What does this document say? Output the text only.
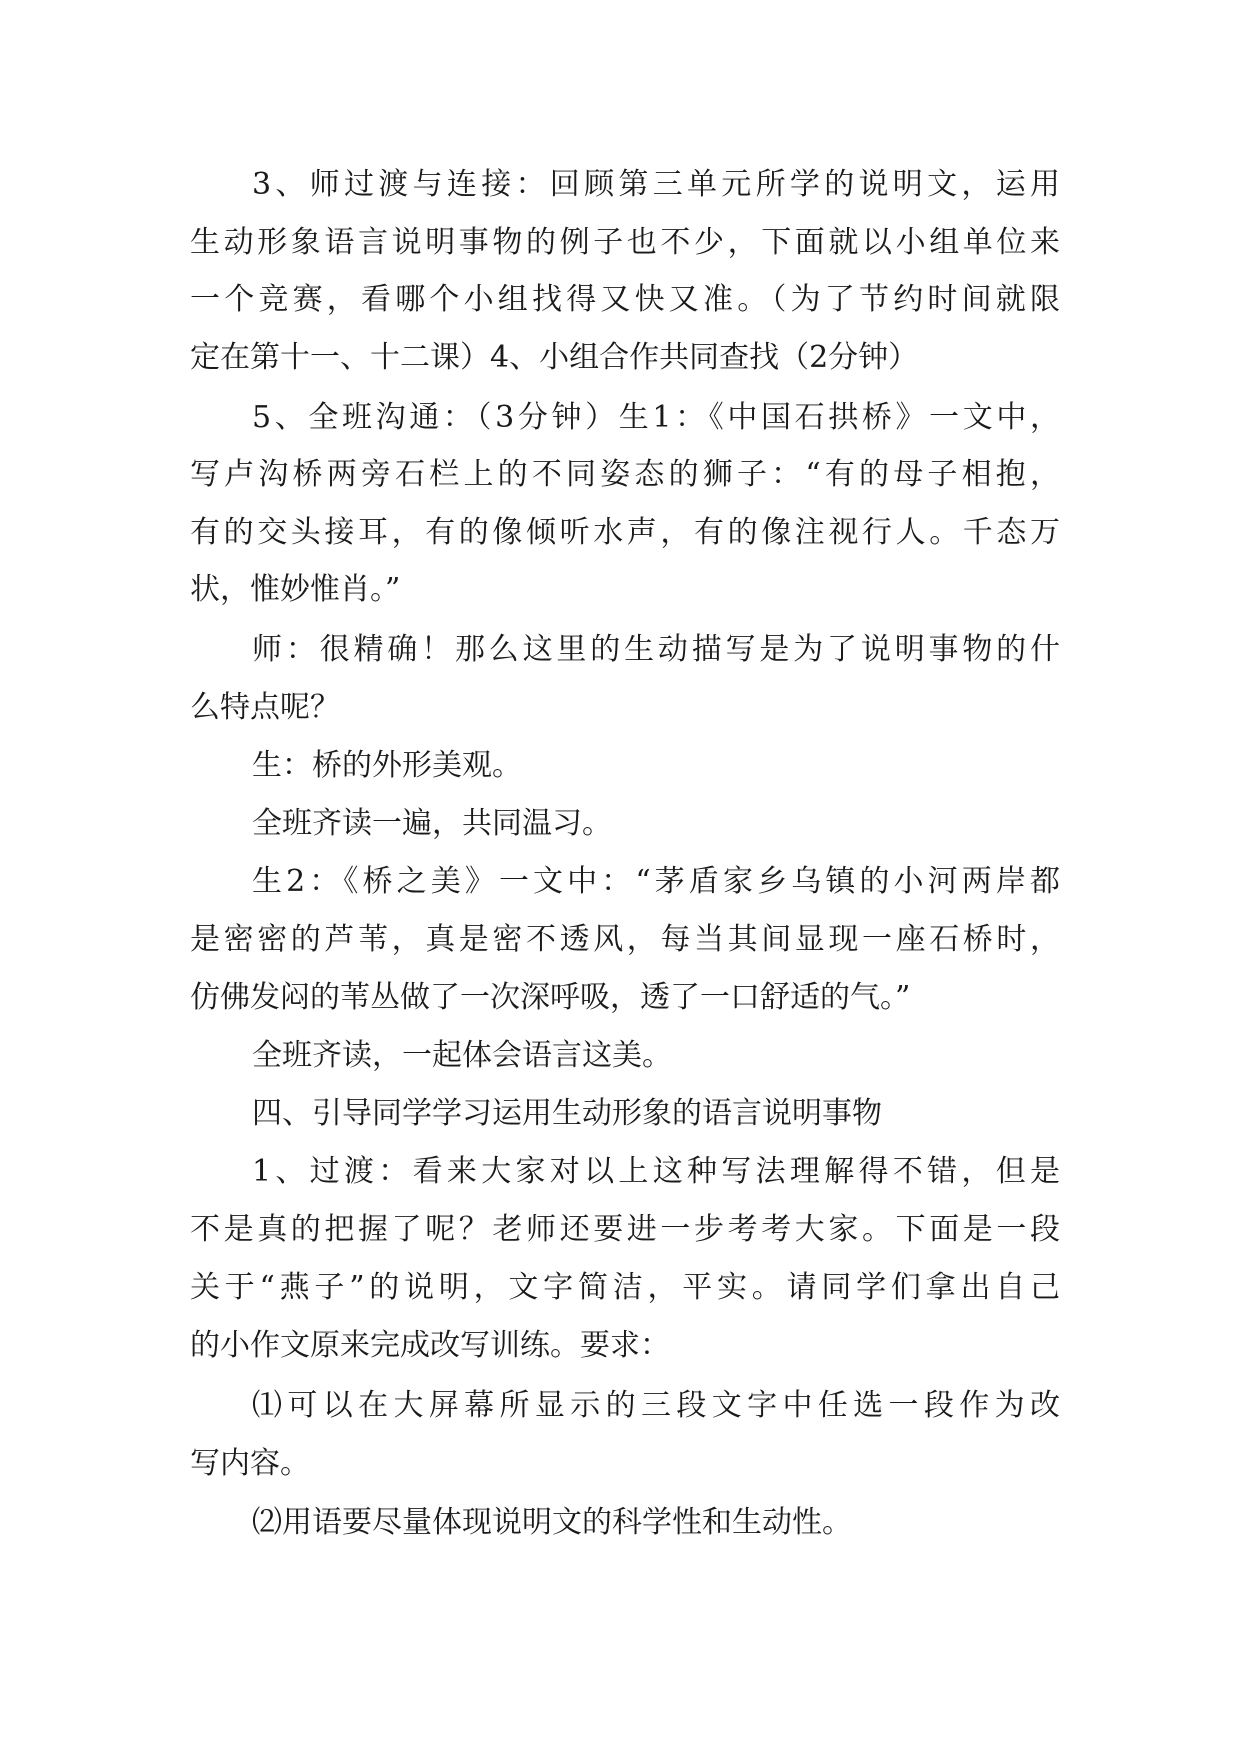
3、师过渡与连接：回顾第三单元所学的说明文，运用
生动形象语言说明事物的例子也不少，下面就以小组单位来
一个竞赛，看哪个小组找得又快又准。（为了节约时间就限
定在第十一、十二课）4、小组合作共同查找（2分钟）
5、全班沟通：（3分钟）生1：《中国石拱桥》一文中，
写卢沟桥两旁石栏上的不同姿态的狮子：“有的母子相抱，
有的交头接耳，有的像倾听水声，有的像注视行人。千态万
状，惟妙惟肖。”
师：很精确！那么这里的生动描写是为了说明事物的什
么特点呢？
生：桥的外形美观。
全班齐读一遍，共同温习。
生2：《桥之美》一文中：“茅盾家乡乌镇的小河两岸都
是密密的芦苇，真是密不透风，每当其间显现一座石桥时，
仿佛发闷的苇丛做了一次深呼吸，透了一口舒适的气。”
全班齐读，一起体会语言这美。
四、引导同学学习运用生动形象的语言说明事物
1、过渡：看来大家对以上这种写法理解得不错，但是
不是真的把握了呢？老师还要进一步考考大家。下面是一段
关于“燕子”的说明，文字简洁，平实。请同学们拿出自己
的小作文原来完成改写训练。要求：
⑴可以在大屏幕所显示的三段文字中任选一段作为改
写内容。
⑵用语要尽量体现说明文的科学性和生动性。
